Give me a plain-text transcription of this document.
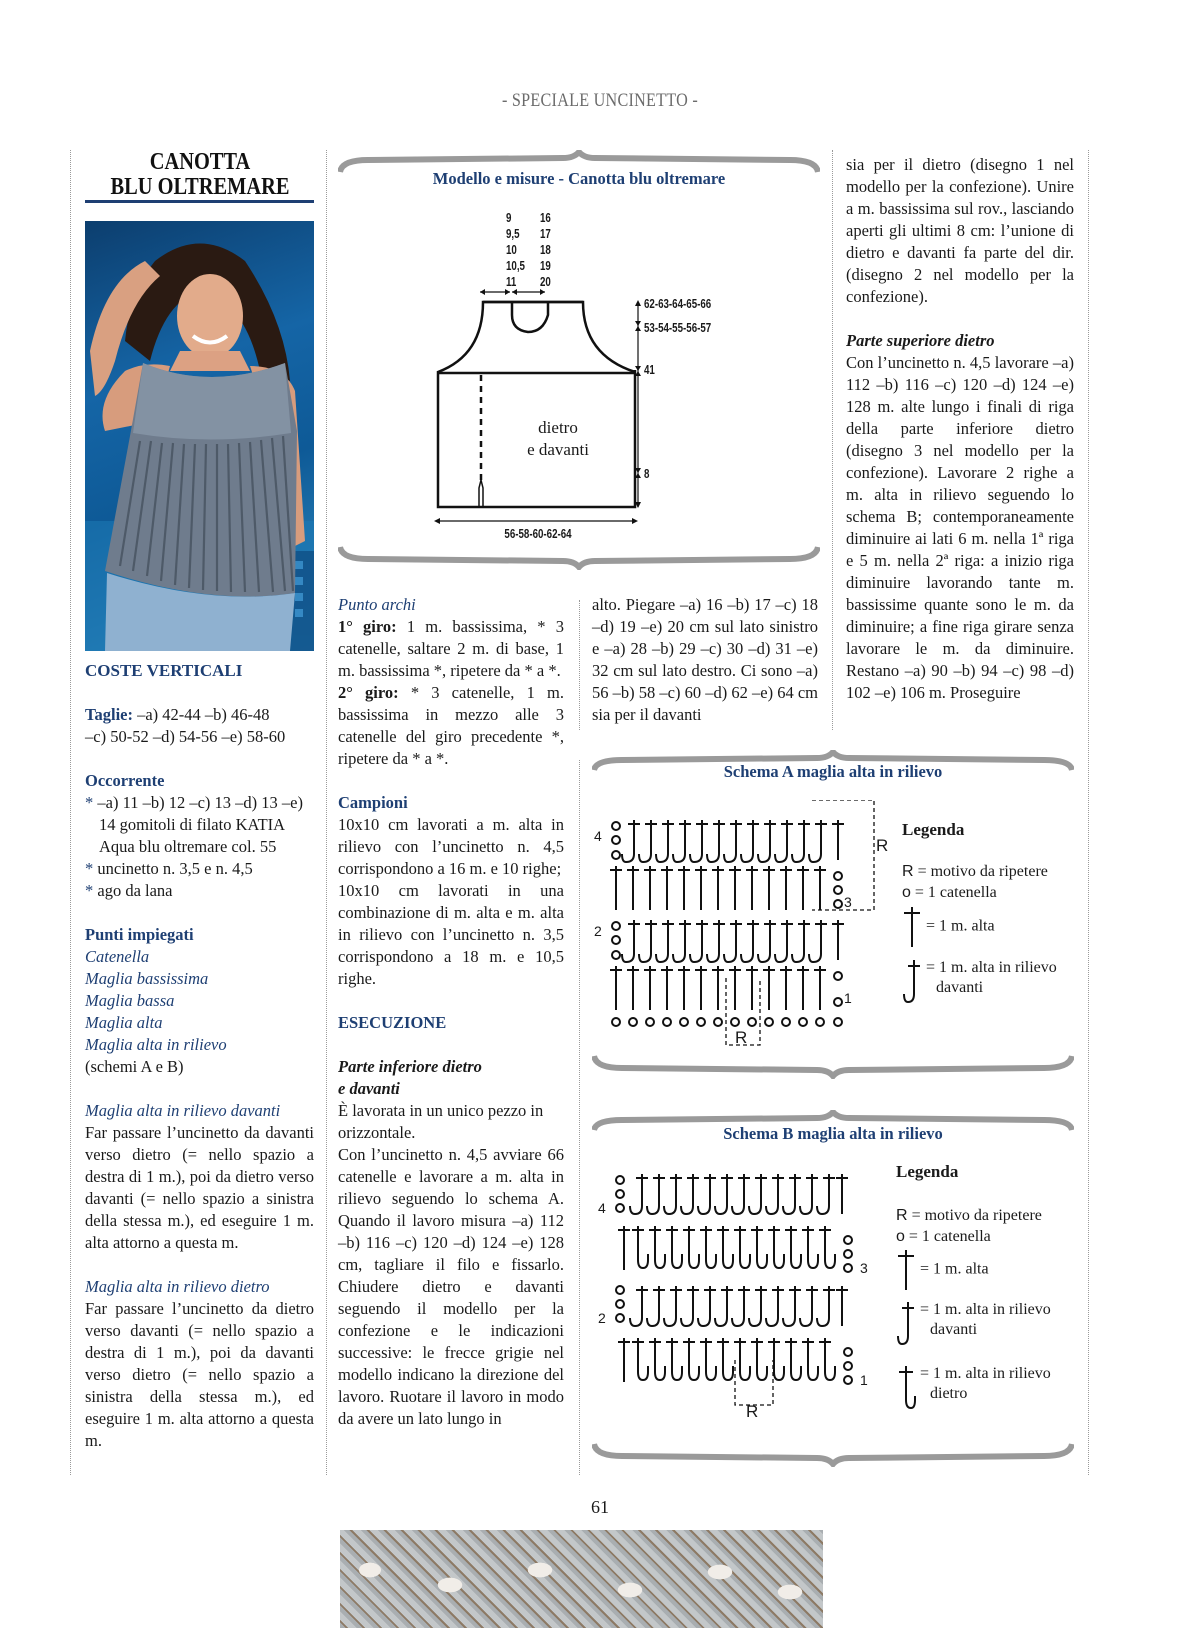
- SPECIALE UNCINETTO -
CANOTTA
BLU OLTREMARE
COSTE VERTICALI
Taglie: –a) 42-44 –b) 46-48
–c) 50-52 –d) 54-56 –e) 58-60
Occorrente
* –a) 11 –b) 12 –c) 13 –d) 13 –e) 14 gomitoli di filato KATIA Aqua blu oltremare col. 55
* uncinetto n. 3,5 e n. 4,5
* ago da lana
Punti impiegati
Catenella
Maglia bassissima
Maglia bassa
Maglia alta
Maglia alta in rilievo
(schemi A e B)
Maglia alta in rilievo davanti
Far passare l’uncinetto da davanti verso dietro (= nello spazio a destra di 1 m.), poi da dietro verso davanti (= nello spazio a sinistra della stessa m.), ed eseguire 1 m. alta attorno a questa m.
Maglia alta in rilievo dietro
Far passare l’uncinetto da dietro verso davanti (= nello spazio a destra di 1 m.), poi da davanti verso dietro (= nello spazio a sinistra della stessa m.), ed eseguire 1 m. alta attorno a questa m.
Modello e misure - Canotta blu oltremare
9
9,5
10
10,5
11
16
17
18
19
20
62-63-64-65-66
53-54-55-56-57
41
8
56-58-60-62-64
dietro
e davanti
Punto archi
1° giro: 1 m. bassissima, * 3 catenelle, saltare 2 m. di base, 1 m. bassissima *, ripetere da * a *.
2° giro: * 3 catenelle, 1 m. bassissima in mezzo alle 3 catenelle del giro precedente *, ripetere da * a *.
Campioni
10x10 cm lavorati a m. alta in rilievo con l’uncinetto n. 4,5 corrispondono a 16 m. e 10 righe;
10x10 cm lavorati in una combinazione di m. alta e m. alta in rilievo con l’uncinetto n. 3,5 corrispondono a 18 m. e 10,5 righe.
ESECUZIONE
Parte inferiore dietro
e davanti
È lavorata in un unico pezzo in orizzontale.
Con l’uncinetto n. 4,5 avviare 66 catenelle e lavorare a m. alta in rilievo seguendo lo schema A. Quando il lavoro misura –a) 112 –b) 116 –c) 120 –d) 124 –e) 128 cm, tagliare il filo e fissarlo. Chiudere dietro e davanti seguendo il modello per la confezione e le indicazioni successive: le frecce grigie nel modello indicano la direzione del lavoro. Ruotare il lavoro in modo da avere un lato lungo in
alto. Piegare –a) 16 –b) 17 –c) 18 –d) 19 –e) 20 cm sul lato sinistro e –a) 28 –b) 29 –c) 30 –d) 31 –e) 32 cm sul lato destro. Ci sono –a) 56 –b) 58 –c) 60 –d) 62 –e) 64 cm sia per il davanti
sia per il dietro (disegno 1 nel modello per la confezione). Unire a m. bassissima sul rov., lasciando aperti gli ultimi 8 cm: l’unione di dietro e davanti fa parte del dir. (disegno 2 nel modello per la confezione).
Parte superiore dietro
Con l’uncinetto n. 4,5 lavorare –a) 112 –b) 116 –c) 120 –d) 124 –e) 128 m. alte lungo i finali di riga della parte inferiore dietro (disegno 3 nel modello per la confezione). Lavorare 2 righe a m. alta in rilievo seguendo lo schema B; contemporaneamente diminuire ai lati 6 m. nella 1ª riga e 5 m. nella 2ª riga: a inizio riga diminuire lavorando tante m. bassissime quante sono le m. da diminuire; a fine riga girare senza lavorare le m. da diminuire. Restano –a) 90 –b) 94 –c) 98 –d) 102 –e) 106 m. Proseguire
Schema A maglia alta in rilievo
4
3
2
1
R
R
Legenda
R = motivo da ripetere
o = 1 catenella
= 1 m. alta
= 1 m. alta in rilievo
davanti
Schema B maglia alta in rilievo
4
3
2
1
R
Legenda
R = motivo da ripetere
o = 1 catenella
= 1 m. alta
= 1 m. alta in rilievo
davanti
= 1 m. alta in rilievo
dietro
61
